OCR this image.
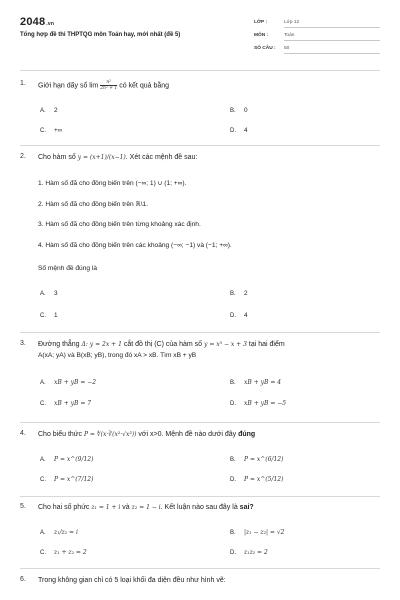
2048.vn
Tổng hợp đề thi THPTQG môn Toán hay, mới nhất (đề 5)
LỚP :	Lớp 12
MÔN :	Toán
SỐ CÂU : 50
1. Giới hạn dãy số $\lim \frac{\text{n²}}{\text{2n² + 1}}$ có kết quả bằng
A. 2	B. 0
C. +∞	D. 4
2. Cho hàm số y = (x+1)/(x−1). Xét các mệnh đề sau:
1. Hàm số đã cho đồng biến trên (−∞; 1) ∪ (1; +∞).
2. Hàm số đã cho đồng biến trên ℝ\1.
3. Hàm số đã cho đồng biến trên từng khoảng xác định.
4. Hàm số đã cho đồng biến trên các khoảng (−∞; −1) và (−1; +∞).
Số mệnh đề đúng là
A. 3	B. 2
C. 1	D. 4
3. Đường thẳng Δ: y = 2x + 1 cắt đồ thị (C) của hàm số y = x³ − x + 3 tại hai điểm
A(xA; yA) và B(xB; yB), trong đó xA > xB. Tìm xB + yB
A. xB + yB = −2	B. xB + yB = 4
C. xB + yB = 7	D. xB + yB = −5
4. Cho biểu thức P = ∜(x·∛(x²·√x³)) với x>0. Mệnh đề nào dưới đây đúng
A. P = x^(9/12)	B. P = x^(6/12)
C. P = x^(7/12)	D. P = x^(5/12)
5. Cho hai số phức z₁ = 1 + i và z₂ = 1 − i. Kết luận nào sau đây là sai?
A. z₁/z₂ = i	B. |z₁ − z₂| = √2
C. z₁ + z₂ = 2	D. z₁z₂ = 2
6. Trong không gian chỉ có 5 loại khối đa diện đều như hình vẽ:
